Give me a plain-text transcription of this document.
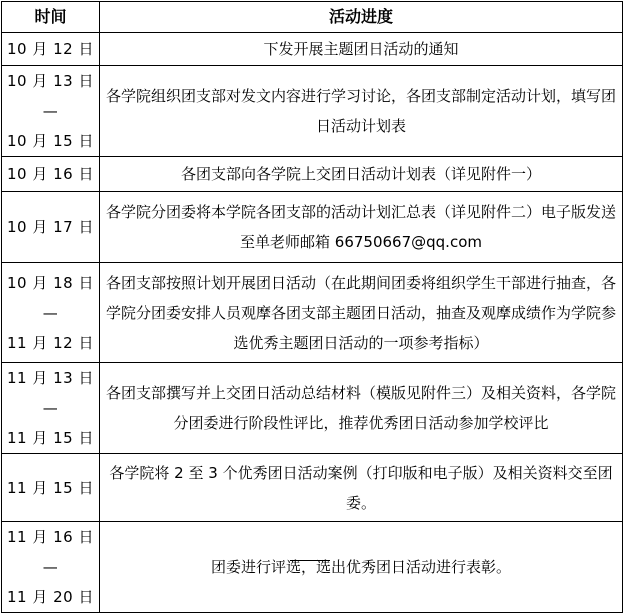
时间	活动进度

10 月 12 日	下发开展主题团日活动的通知

10 月 13 日—
10 月 15 日	各学院组织团支部对发文内容进行学习讨论，各团支部制定活动计划，填写团日活动计划表

10 月 16 日	各团支部向各学院上交团日活动计划表（详见附件一）

10 月 17 日	各学院分团委将本学院各团支部的活动计划汇总表（详见附件二）电子版发送至单老师邮箱 66750667@qq.com

10 月 18 日—
11 月 12 日	各团支部按照计划开展团日活动（在此期间团委将组织学生干部进行抽查，各学院分团委安排人员观摩各团支部主题团日活动，抽查及观摩成绩作为学院参选优秀主题团日活动的一项参考指标）

11 月 13 日—
11 月 15 日	各团支部撰写并上交团日活动总结材料（模版见附件三）及相关资料，各学院分团委进行阶段性评比，推荐优秀团日活动参加学校评比

11 月 15 日	各学院将 2 至 3 个优秀团日活动案例（打印版和电子版）及相关资料交至团委。

11 月 16 日—
11 月 20 日	团委进行评选，选出优秀团日活动进行表彰。
